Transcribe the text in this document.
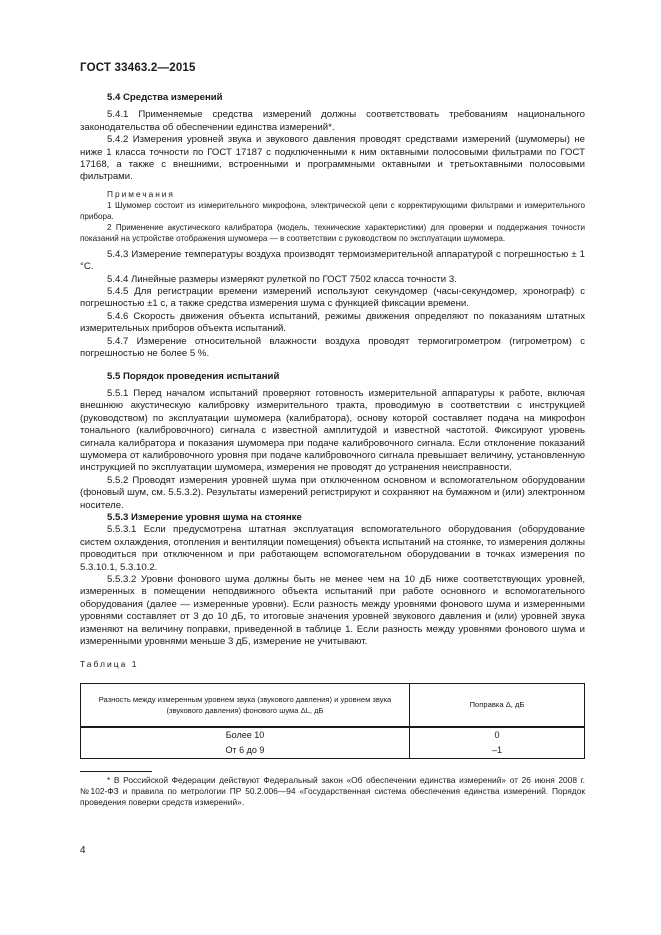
ГОСТ 33463.2—2015

5.4 Средства измерений

5.4.1 Применяемые средства измерений должны соответствовать требованиям национального законодательства об обеспечении единства измерений*.

5.4.2 Измерения уровней звука и звукового давления проводят средствами измерений (шумомеры) не ниже 1 класса точности по ГОСТ 17187 с подключенными к ним октавными полосовыми фильтрами по ГОСТ 17168, а также с внешними, встроенными и программными октавными и третьоктавными полосовыми фильтрами.

Примечания

1 Шумомер состоит из измерительного микрофона, электрической цепи с корректирующими фильтрами и измерительного прибора.

2 Применение акустического калибратора (модель, технические характеристики) для проверки и поддержания точности показаний на устройстве отображения шумомера — в соответствии с руководством по эксплуатации шумомера.

5.4.3 Измерение температуры воздуха производят термоизмерительной аппаратурой с погрешностью ± 1 °С.

5.4.4 Линейные размеры измеряют рулеткой по ГОСТ 7502 класса точности 3.

5.4.5 Для регистрации времени измерений используют секундомер (часы-секундомер, хронограф) с погрешностью ±1 с, а также средства измерения шума с функцией фиксации времени.

5.4.6 Скорость движения объекта испытаний, режимы движения определяют по показаниям штатных измерительных приборов объекта испытаний.

5.4.7 Измерение относительной влажности воздуха проводят термогигрометром (гигрометром) с погрешностью не более 5 %.

5.5 Порядок проведения испытаний

5.5.1 Перед началом испытаний проверяют готовность измерительной аппаратуры к работе, включая внешнюю акустическую калибровку измерительного тракта, проводимую в соответствии с инструкцией (руководством) по эксплуатации шумомера (калибратора), основу которой составляет подача на микрофон тонального (калибровочного) сигнала с известной амплитудой и известной частотой. Фиксируют уровень сигнала калибратора и показания шумомера при подаче калибровочного сигнала. Если отклонение показаний шумомера от калибровочного уровня при подаче калибровочного сигнала превышает величину, установленную инструкцией по эксплуатации шумомера, измерения не проводят до устранения неисправности.

5.5.2 Проводят измерения уровней шума при отключенном основном и вспомогательном оборудовании (фоновый шум, см. 5.5.3.2). Результаты измерений регистрируют и сохраняют на бумажном и (или) электронном носителе.

5.5.3 Измерение уровня шума на стоянке

5.5.3.1 Если предусмотрена штатная эксплуатация вспомогательного оборудования (оборудование систем охлаждения, отопления и вентиляции помещения) объекта испытаний на стоянке, то измерения должны проводиться при отключенном и при работающем вспомогательном оборудовании в точках измерения по 5.3.10.1, 5.3.10.2.

5.5.3.2 Уровни фонового шума должны быть не менее чем на 10 дБ ниже соответствующих уровней, измеренных в помещении неподвижного объекта испытаний при работе основного и вспомогательного оборудования (далее — измеренные уровни). Если разность между уровнями фонового шума и измеренными уровнями составляет от 3 до 10 дБ, то итоговые значения уровней звукового давления и (или) уровней звука изменяют на величину поправки, приведенной в таблице 1. Если разность между уровнями фонового шума и измеренными уровнями меньше 3 дБ, измерение не учитывают.

Таблица 1
Разность между измеренным уровнем звука (звукового давления) и уровнем звука (звукового давления) фонового шума ΔL, дБ	Поправка Δ, дБ
Более 10	0
От 6 до 9	–1

* В Российской Федерации действуют Федеральный закон «Об обеспечении единства измерений» от 26 июня 2008 г. №102-ФЗ и правила по метрологии ПР 50.2.006—94 «Государственная система обеспечения единства измерений. Порядок проведения поверки средств измерений».

4
